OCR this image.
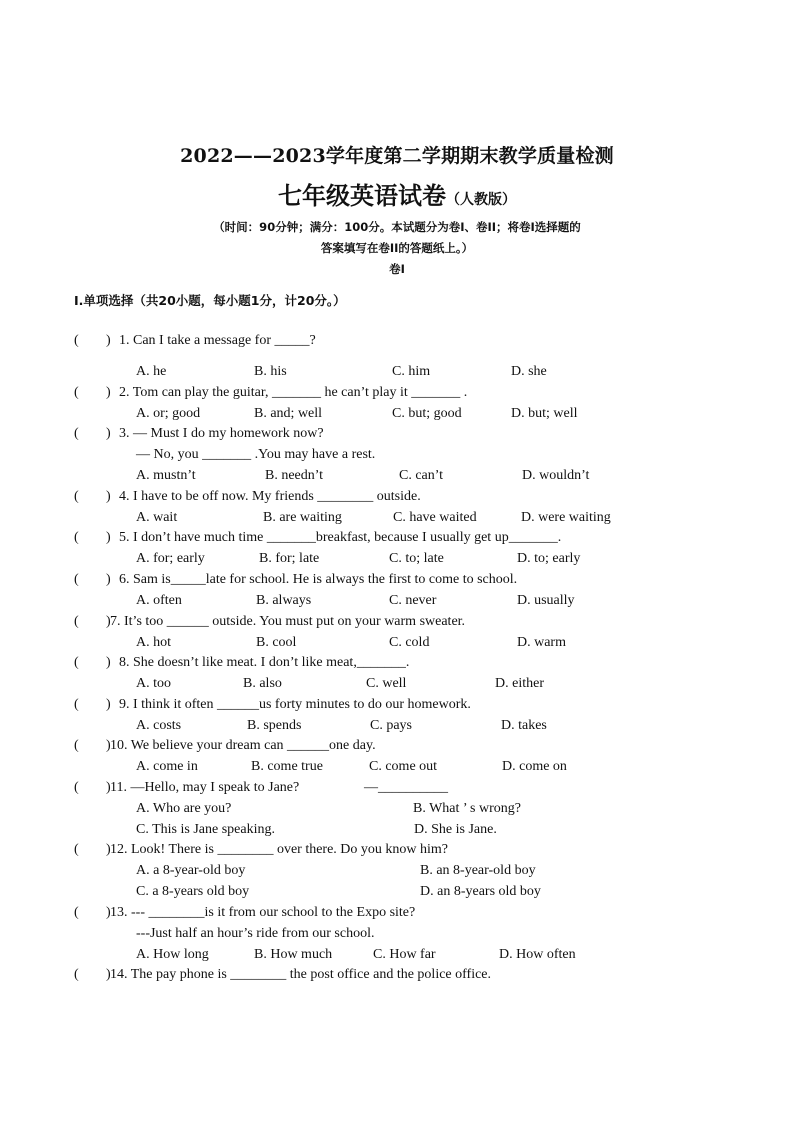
2022——2023学年度第二学期期末教学质量检测
七年级英语试卷（人教版）
（时间：90分钟；满分：100分。本试题分为卷I、卷II；将卷I选择题的
答案填写在卷II的答题纸上。）
卷I
I.单项选择（共20小题，每小题1分，计20分。）
( ) 1. Can I take a message for _____?
A. he	B. his	C. him	D. she
( ) 2. Tom can play the guitar, _______ he can’t play it _______ .
A. or; good	B. and; well	C. but; good	D. but; well
( ) 3. — Must I do my homework now?
— No, you _______ .You may have a rest.
A. mustn’t	B. needn’t	C. can’t	D. wouldn’t
( ) 4. I have to be off now. My friends ________ outside.
A. wait	B. are waiting	C. have waited	D. were waiting
( ) 5. I don’t have much time _______breakfast, because I usually get up_______.
A. for; early	B. for; late	C. to; late	D. to; early
( ) 6. Sam is_____late for school. He is always the first to come to school.
A. often	B. always	C. never	D. usually
( ) 7. It’s too ______ outside. You must put on your warm sweater.
A. hot	B. cool	C. cold	D. warm
( ) 8. She doesn’t like meat. I don’t like meat,_______.
A. too	B. also	C. well	D. either
( ) 9. I think it often ______us forty minutes to do our homework.
A. costs	B. spends	C. pays	D. takes
( ) 10. We believe your dream can ______one day.
A. come in	B. come true	C. come out	D. come on
( ) 11. —Hello, may I speak to Jane?	—__________
A. Who are you?	B. What ’ s wrong?
C. This is Jane speaking.	D. She is Jane.
( ) 12. Look! There is ________ over there. Do you know him?
A. a 8-year-old boy	B. an 8-year-old boy
C. a 8-years old boy	D. an 8-years old boy
( ) 13. --- ________is it from our school to the Expo site?
---Just half an hour’s ride from our school.
A. How long	B. How much	C. How far	D. How often
( ) 14. The pay phone is ________ the post office and the police office.
